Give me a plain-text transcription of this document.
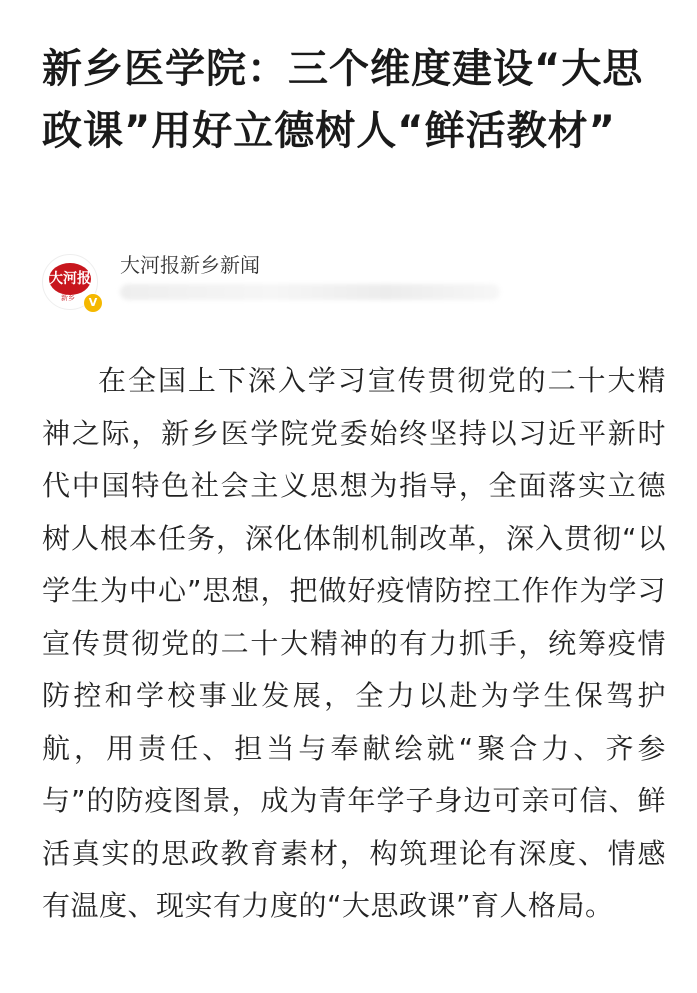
新乡医学院：三个维度建设“大思政课”用好立德树人“鲜活教材”
大河报
新乡	V
大河报新乡新闻

在全国上下深入学习宣传贯彻党的二十大精神之际，新乡医学院党委始终坚持以习近平新时代中国特色社会主义思想为指导，全面落实立德树人根本任务，深化体制机制改革，深入贯彻“以学生为中心”思想，把做好疫情防控工作作为学习宣传贯彻党的二十大精神的有力抓手，统筹疫情防控和学校事业发展，全力以赴为学生保驾护航，用责任、担当与奉献绘就“聚合力、齐参与”的防疫图景，成为青年学子身边可亲可信、鲜活真实的思政教育素材，构筑理论有深度、情感有温度、现实有力度的“大思政课”育人格局。
